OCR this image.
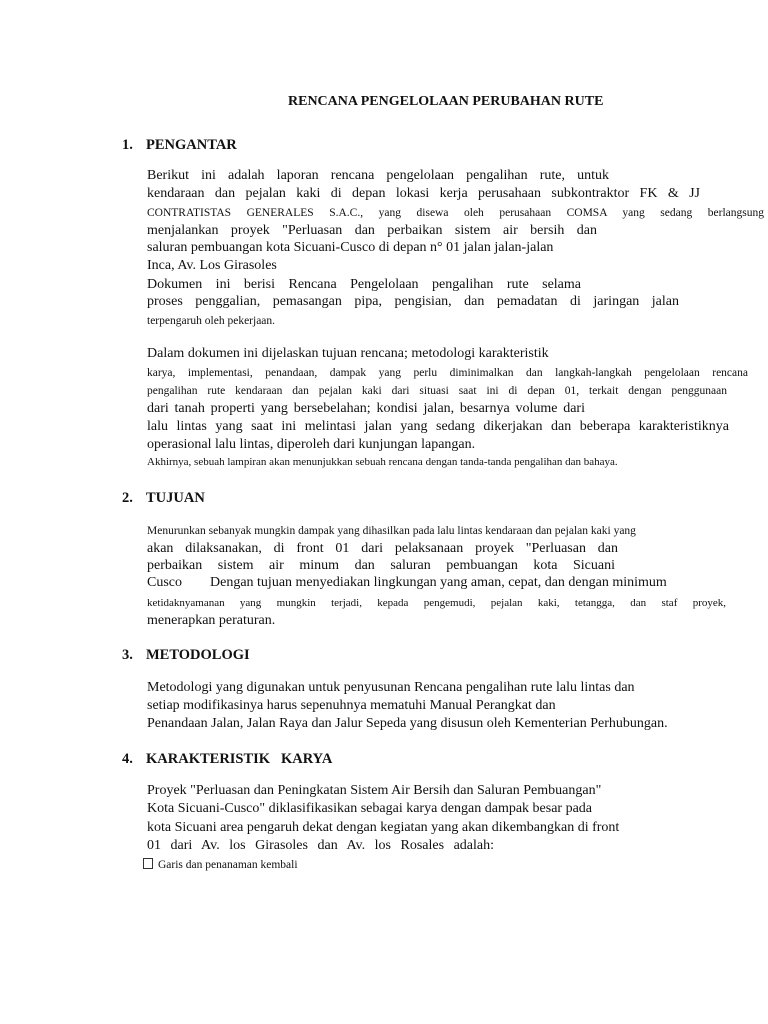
RENCANA PENGELOLAAN PERUBAHAN RUTE
1. PENGANTAR
Berikut ini adalah laporan rencana pengelolaan pengalihan rute, untuk
kendaraan dan pejalan kaki di depan lokasi kerja perusahaan subkontraktor FK & JJ
CONTRATISTAS GENERALES S.A.C., yang disewa oleh perusahaan COMSA yang sedang berlangsung
menjalankan proyek "Perluasan dan perbaikan sistem air bersih dan
saluran pembuangan kota Sicuani-Cusco di depan n° 01 jalan jalan-jalan
Inca, Av. Los Girasoles
Dokumen ini berisi Rencana Pengelolaan pengalihan rute selama
proses penggalian, pemasangan pipa, pengisian, dan pemadatan di jaringan jalan
terpengaruh oleh pekerjaan.
Dalam dokumen ini dijelaskan tujuan rencana; metodologi karakteristik
karya, implementasi, penandaan, dampak yang perlu diminimalkan dan langkah-langkah pengelolaan rencana
pengalihan rute kendaraan dan pejalan kaki dari situasi saat ini di depan 01, terkait dengan penggunaan
dari tanah properti yang bersebelahan; kondisi jalan, besarnya volume dari
lalu lintas yang saat ini melintasi jalan yang sedang dikerjakan dan beberapa karakteristiknya
operasional lalu lintas, diperoleh dari kunjungan lapangan.
Akhirnya, sebuah lampiran akan menunjukkan sebuah rencana dengan tanda-tanda pengalihan dan bahaya.
2. TUJUAN
Menurunkan sebanyak mungkin dampak yang dihasilkan pada lalu lintas kendaraan dan pejalan kaki yang
akan dilaksanakan, di front 01 dari pelaksanaan proyek "Perluasan dan
perbaikan sistem air minum dan saluran pembuangan kota Sicuani
Cusco        Dengan tujuan menyediakan lingkungan yang aman, cepat, dan dengan minimum
ketidaknyamanan yang mungkin terjadi, kepada pengemudi, pejalan kaki, tetangga, dan staf proyek,
menerapkan peraturan.
3. METODOLOGI
Metodologi yang digunakan untuk penyusunan Rencana pengalihan rute lalu lintas dan
setiap modifikasinya harus sepenuhnya mematuhi Manual Perangkat dan
Penandaan Jalan, Jalan Raya dan Jalur Sepeda yang disusun oleh Kementerian Perhubungan.
4. KARAKTERISTIK   KARYA
Proyek "Perluasan dan Peningkatan Sistem Air Bersih dan Saluran Pembuangan"
Kota Sicuani-Cusco" diklasifikasikan sebagai karya dengan dampak besar pada
kota Sicuani area pengaruh dekat dengan kegiatan yang akan dikembangkan di front
01 dari Av. los Girasoles dan Av. los Rosales adalah:
Garis dan penanaman kembali
